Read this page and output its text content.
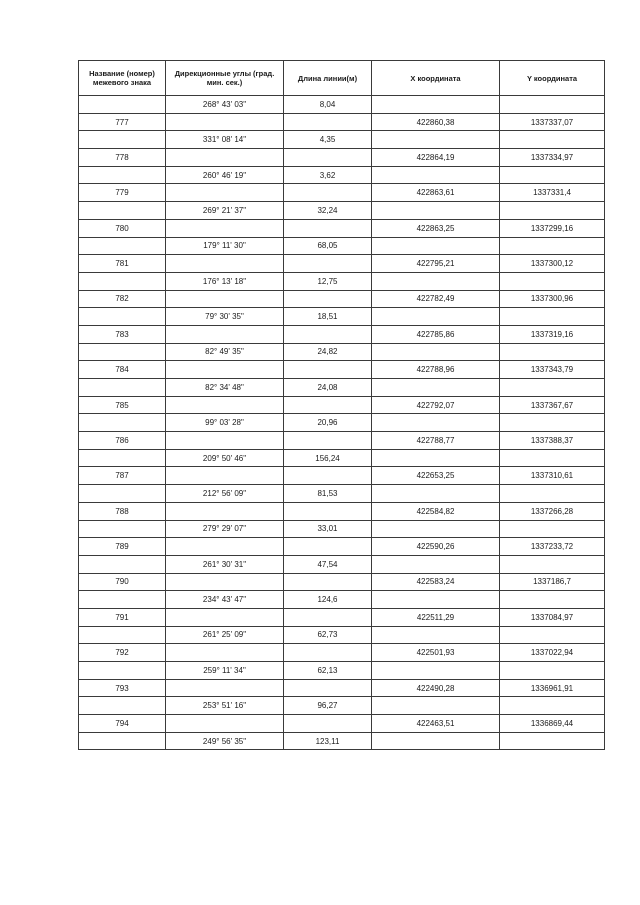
Название (номер) межевого знака	Дирекционные углы (град. мин. сек.)	Длина линии(м)	X координата	Y координата
	268° 43' 03"	8,04		
777			422860,38	1337337,07
	331° 08' 14"	4,35		
778			422864,19	1337334,97
	260° 46' 19"	3,62		
779			422863,61	1337331,4
	269° 21' 37"	32,24		
780			422863,25	1337299,16
	179° 11' 30"	68,05		
781			422795,21	1337300,12
	176° 13' 18"	12,75		
782			422782,49	1337300,96
	79° 30' 35"	18,51		
783			422785,86	1337319,16
	82° 49' 35"	24,82		
784			422788,96	1337343,79
	82° 34' 48"	24,08		
785			422792,07	1337367,67
	99° 03' 28"	20,96		
786			422788,77	1337388,37
	209° 50' 46"	156,24		
787			422653,25	1337310,61
	212° 56' 09"	81,53		
788			422584,82	1337266,28
	279° 29' 07"	33,01		
789			422590,26	1337233,72
	261° 30' 31"	47,54		
790			422583,24	1337186,7
	234° 43' 47"	124,6		
791			422511,29	1337084,97
	261° 25' 09"	62,73		
792			422501,93	1337022,94
	259° 11' 34"	62,13		
793			422490,28	1336961,91
	253° 51' 16"	96,27		
794			422463,51	1336869,44
	249° 56' 35"	123,11		
